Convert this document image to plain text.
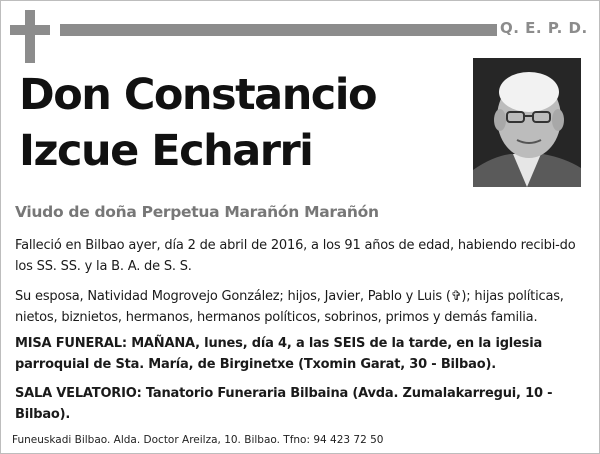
Q. E. P. D.
Don Constancio
Izcue Echarri
Viudo de doña Perpetua Marañón Marañón

Falleció en Bilbao ayer, día 2 de abril de 2016, a los 91 años de edad, habiendo recibi-do los SS. SS. y la B. A. de S. S.

Su esposa, Natividad Mogrovejo González; hijos, Javier, Pablo y Luis (✞); hijas políticas, nietos, biznietos, hermanos, hermanos políticos, sobrinos, primos y demás familia.

MISA FUNERAL: MAÑANA, lunes, día 4, a las SEIS de la tarde, en la iglesia parroquial de Sta. María, de Birginetxe (Txomin Garat, 30 - Bilbao).

SALA VELATORIO: Tanatorio Funeraria Bilbaina (Avda. Zumalakarregui, 10 - Bilbao).

Funeuskadi Bilbao. Alda. Doctor Areilza, 10. Bilbao. Tfno: 94 423 72 50
